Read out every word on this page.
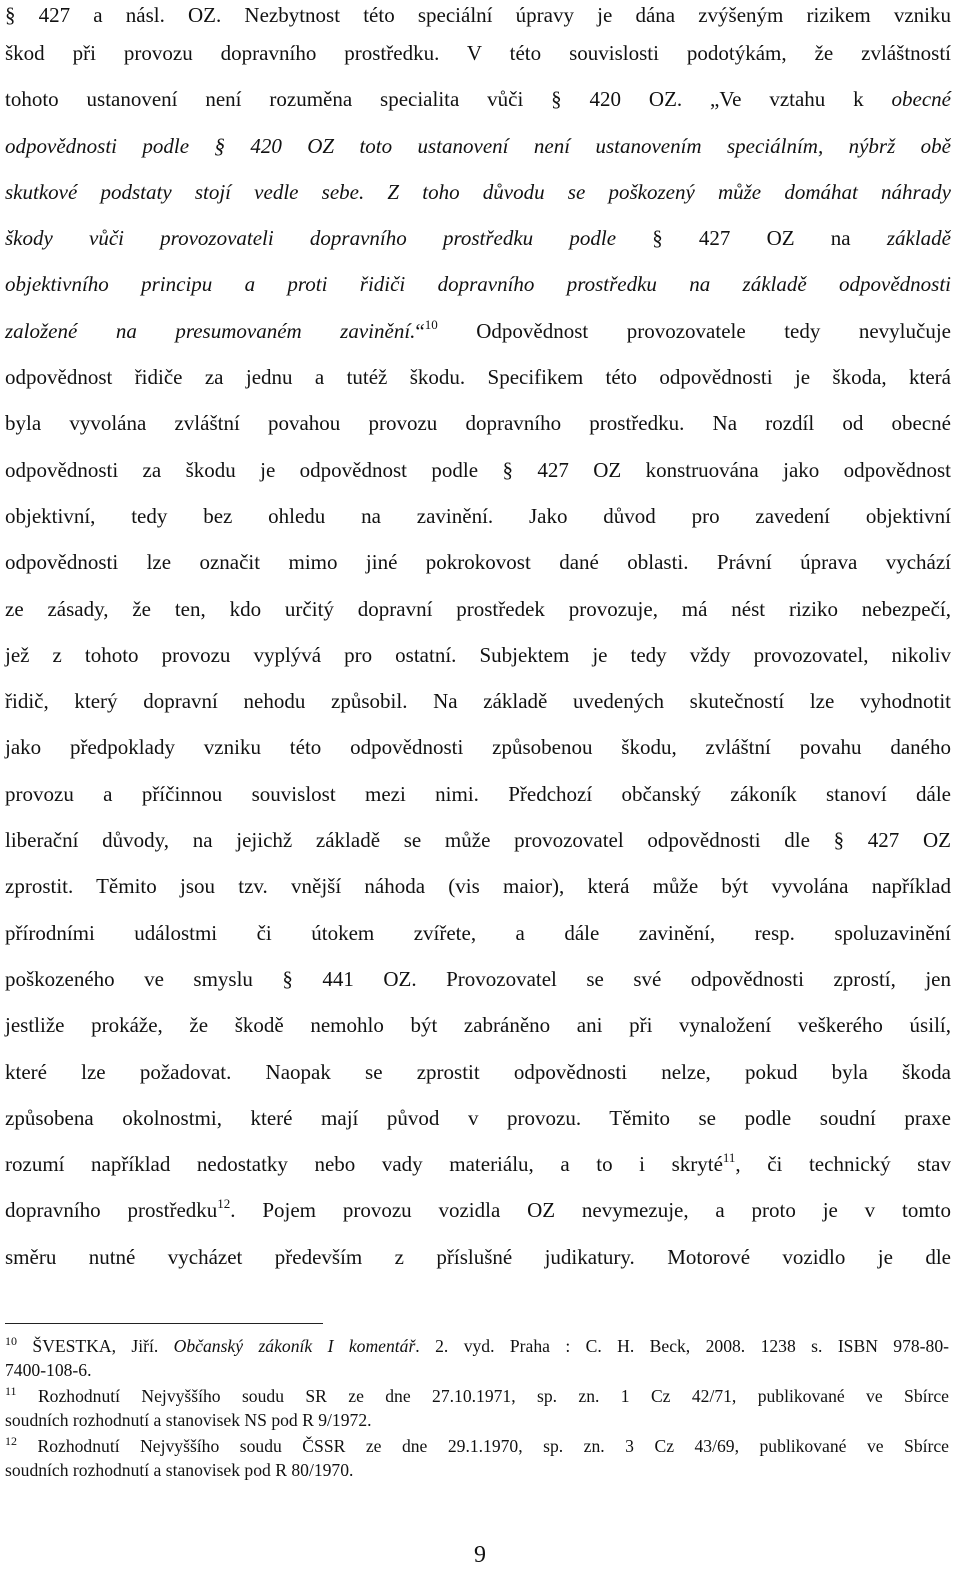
§ 427 a násl. OZ. Nezbytnost této speciální úpravy je dána zvýšeným rizikem vzniku
škod při provozu dopravního prostředku. V této souvislosti podotýkám, že zvláštností
tohoto ustanovení není rozuměna specialita vůči § 420 OZ. „Ve vztahu k obecné
odpovědnosti podle § 420 OZ toto ustanovení není ustanovením speciálním, nýbrž obě
skutkové podstaty stojí vedle sebe. Z toho důvodu se poškozený může domáhat náhrady
škody vůči provozovateli dopravního prostředku podle § 427 OZ na základě
objektivního principu a proti řidiči dopravního prostředku na základě odpovědnosti
založené na presumovaném zavinění.“$^{10}$ Odpovědnost provozovatele tedy nevylučuje
odpovědnost řidiče za jednu a tutéž škodu. Specifikem této odpovědnosti je škoda, která
byla vyvolána zvláštní povahou provozu dopravního prostředku. Na rozdíl od obecné
odpovědnosti za škodu je odpovědnost podle § 427 OZ konstruována jako odpovědnost
objektivní, tedy bez ohledu na zavinění. Jako důvod pro zavedení objektivní
odpovědnosti lze označit mimo jiné pokrokovost dané oblasti. Právní úprava vychází
ze zásady, že ten, kdo určitý dopravní prostředek provozuje, má nést riziko nebezpečí,
jež z tohoto provozu vyplývá pro ostatní. Subjektem je tedy vždy provozovatel, nikoliv
řidič, který dopravní nehodu způsobil. Na základě uvedených skutečností lze vyhodnotit
jako předpoklady vzniku této odpovědnosti způsobenou škodu, zvláštní povahu daného
provozu a příčinnou souvislost mezi nimi. Předchozí občanský zákoník stanoví dále
liberační důvody, na jejichž základě se může provozovatel odpovědnosti dle § 427 OZ
zprostit. Těmito jsou tzv. vnější náhoda (vis maior), která může být vyvolána například
přírodními událostmi či útokem zvířete, a dále zavinění, resp. spoluzavinění
poškozeného ve smyslu § 441 OZ. Provozovatel se své odpovědnosti zprostí, jen
jestliže prokáže, že škodě nemohlo být zabráněno ani při vynaložení veškerého úsilí,
které lze požadovat. Naopak se zprostit odpovědnosti nelze, pokud byla škoda
způsobena okolnostmi, které mají původ v provozu. Těmito se podle soudní praxe
rozumí například nedostatky nebo vady materiálu, a to i skryté$^{11}$, či technický stav
dopravního prostředku$^{12}$. Pojem provozu vozidla OZ nevymezuje, a proto je v tomto
směru nutné vycházet především z příslušné judikatury. Motorové vozidlo je dle
$^{10}$ ŠVESTKA, Jiří. Občanský zákoník I komentář. 2. vyd. Praha : C. H. Beck, 2008. 1238 s. ISBN 978-80-
7400-108-6.
$^{11}$ Rozhodnutí Nejvyššího soudu SR ze dne 27.10.1971, sp. zn. 1 Cz 42/71, publikované ve Sbírce
soudních rozhodnutí a stanovisek NS pod R 9/1972.
$^{12}$ Rozhodnutí Nejvyššího soudu ČSSR ze dne 29.1.1970, sp. zn. 3 Cz 43/69, publikované ve Sbírce
soudních rozhodnutí a stanovisek pod R 80/1970.
9
